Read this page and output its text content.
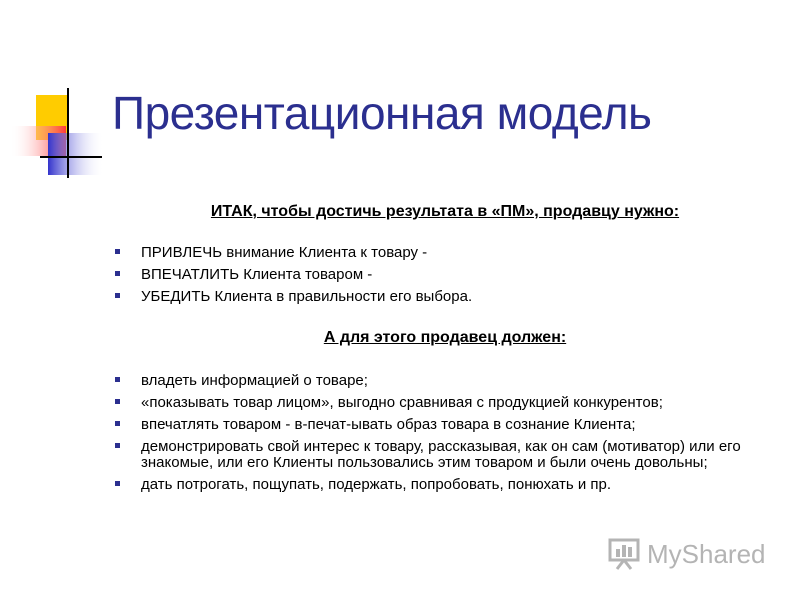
Презентационная модель
ИТАК, чтобы достичь результата в «ПМ», продавцу нужно:
ПРИВЛЕЧЬ внимание Клиента к товару -
ВПЕЧАТЛИТЬ Клиента товаром -
УБЕДИТЬ Клиента в правильности его выбора.
А для этого продавец должен:
владеть информацией о товаре;
«показывать товар лицом», выгодно сравнивая с продукцией конкурентов;
впечатлять товаром - в-печат-ывать образ товара в сознание Клиента;
демонстрировать свой интерес к товару, рассказывая, как он сам (мотиватор) или его знакомые, или его Клиенты пользовались этим товаром и были очень довольны;
дать потрогать, пощупать, подержать, попробовать, понюхать и пр.
MyShared
